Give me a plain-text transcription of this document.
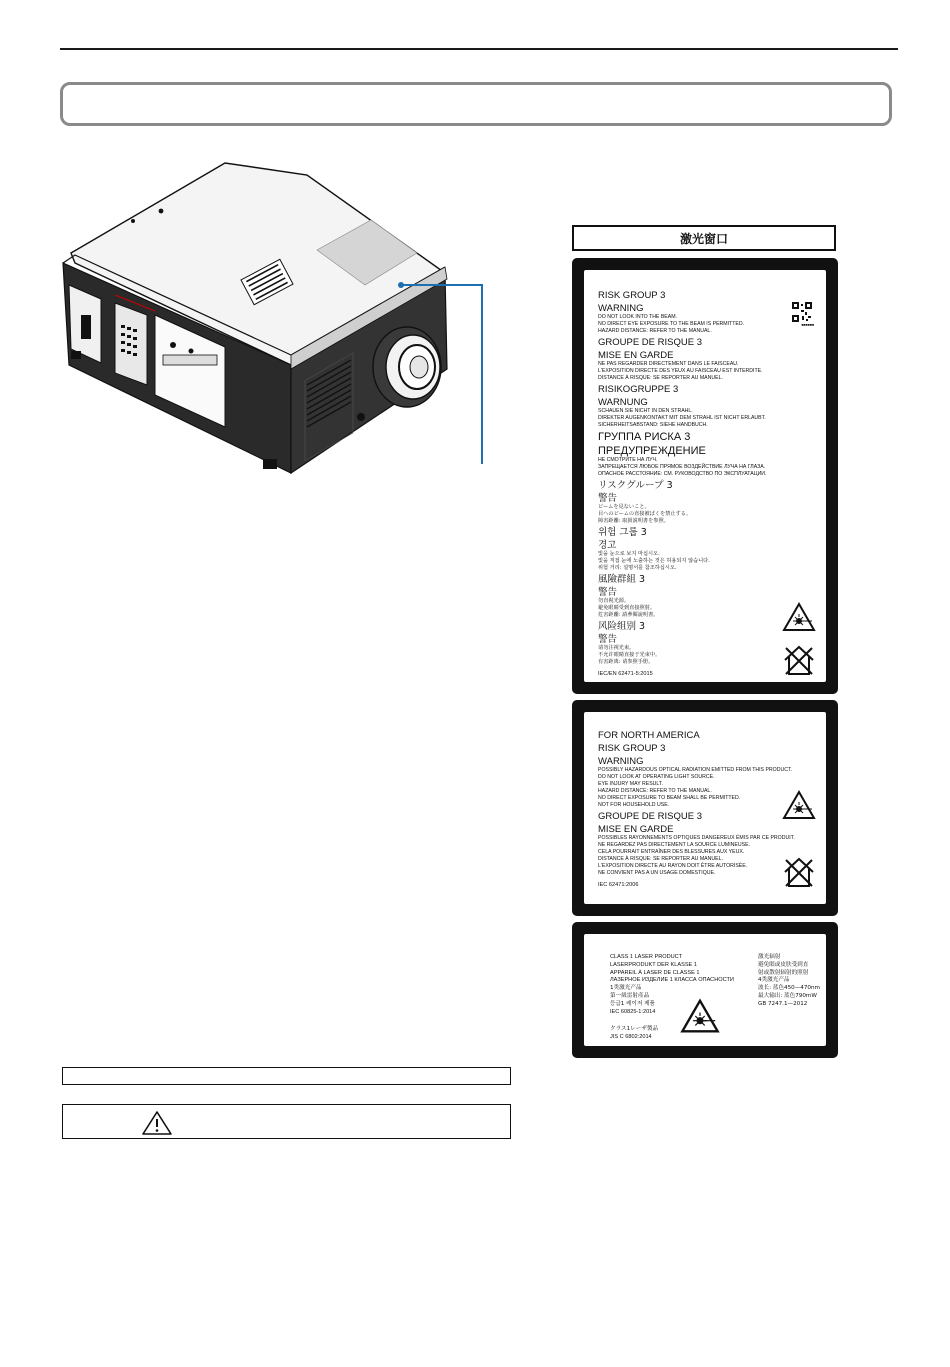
激光窗口
RISK GROUP 3
WARNING
DO NOT LOOK INTO THE BEAM.
NO DIRECT EYE EXPOSURE TO THE BEAM IS PERMITTED.
HAZARD DISTANCE: REFER TO THE MANUAL.
GROUPE DE RISQUE 3
MISE EN GARDE
NE PAS REGARDER DIRECTEMENT DANS LE FAISCEAU.
L'EXPOSITION DIRECTE DES YEUX AU FAISCEAU EST INTERDITE.
DISTANCE À RISQUE: SE REPORTER AU MANUEL.
RISIKOGRUPPE 3
WARNUNG
SCHAUEN SIE NICHT IN DEN STRAHL.
DIREKTER AUGENKONTAKT MIT DEM STRAHL IST NICHT ERLAUBT.
SICHERHEITSABSTAND: SIEHE HANDBUCH.
ГРУППА РИСКА 3
ПРЕДУПРЕЖДЕНИЕ
НЕ СМОТРИТЕ НА ЛУЧ.
ЗАПРЕЩАЕТСЯ ЛЮБОЕ ПРЯМОЕ ВОЗДЕЙСТВИЕ ЛУЧА НА ГЛАЗА.
ОПАСНОЕ РАССТОЯНИЕ: СМ. РУКОВОДСТВО ПО ЭКСПЛУАТАЦИИ.
リスクグループ 3
警告
ビームを見ないこと。
目へのビームの直接被ばくを禁止する。
障害距離: 取扱説明書を参照。
위험 그룹 3
경고
빛을 눈으로 보지 마십시오.
빛을 직접 눈에 노출하는 것은 허용되지 않습니다.
위험 거리: 설명서를 참조하십시오.
風險群組 3
警告
勿直視光源。
避免眼睛受到直接照射。
危害距離: 請參閱說明書。
风险组别 3
警告
请勿注视光束。
不允许眼睛直接于光束中。
有害距离: 请参照手册。
IEC/EN 62471-5:2015
■■■■■■
FOR NORTH AMERICA
RISK GROUP 3
WARNING
POSSIBLY HAZARDOUS OPTICAL RADIATION EMITTED FROM THIS PRODUCT.
DO NOT LOOK AT OPERATING LIGHT SOURCE.
EYE INJURY MAY RESULT.
HAZARD DISTANCE: REFER TO THE MANUAL.
NO DIRECT EXPOSURE TO BEAM SHALL BE PERMITTED.
NOT FOR HOUSEHOLD USE.
GROUPE DE RISQUE 3
MISE EN GARDE
POSSIBLES RAYONNEMENTS OPTIQUES DANGEREUX ÉMIS PAR CE PRODUIT.
NE REGARDEZ PAS DIRECTEMENT LA SOURCE LUMINEUSE.
CELA POURRAIT ENTRAÎNER DES BLESSURES AUX YEUX.
DISTANCE À RISQUE: SE REPORTER AU MANUEL.
L'EXPOSITION DIRECTE AU RAYON DOIT ÊTRE AUTORISÉE.
NE CONVIENT PAS A UN USAGE DOMESTIQUE.
IEC 62471:2006
CLASS 1 LASER PRODUCT
LASERPRODUKT DER KLASSE 1
APPAREIL À LASER DE CLASSE 1
ЛАЗЕРНОЕ ИЗДЕЛИЕ 1 КЛАССА ОПАСНОСТИ
1类激光产品
第一級雷射產品
등급1 레이저 제품
IEC 60825-1:2014
クラス1レーザ製品
JIS C 6802:2014
激光辐射
避免眼或皮肤受到直
射或散射辐射的照射
4类激光产品
波长: 蓝色450—470nm
最大输出: 蓝色790mW
GB 7247.1—2012
